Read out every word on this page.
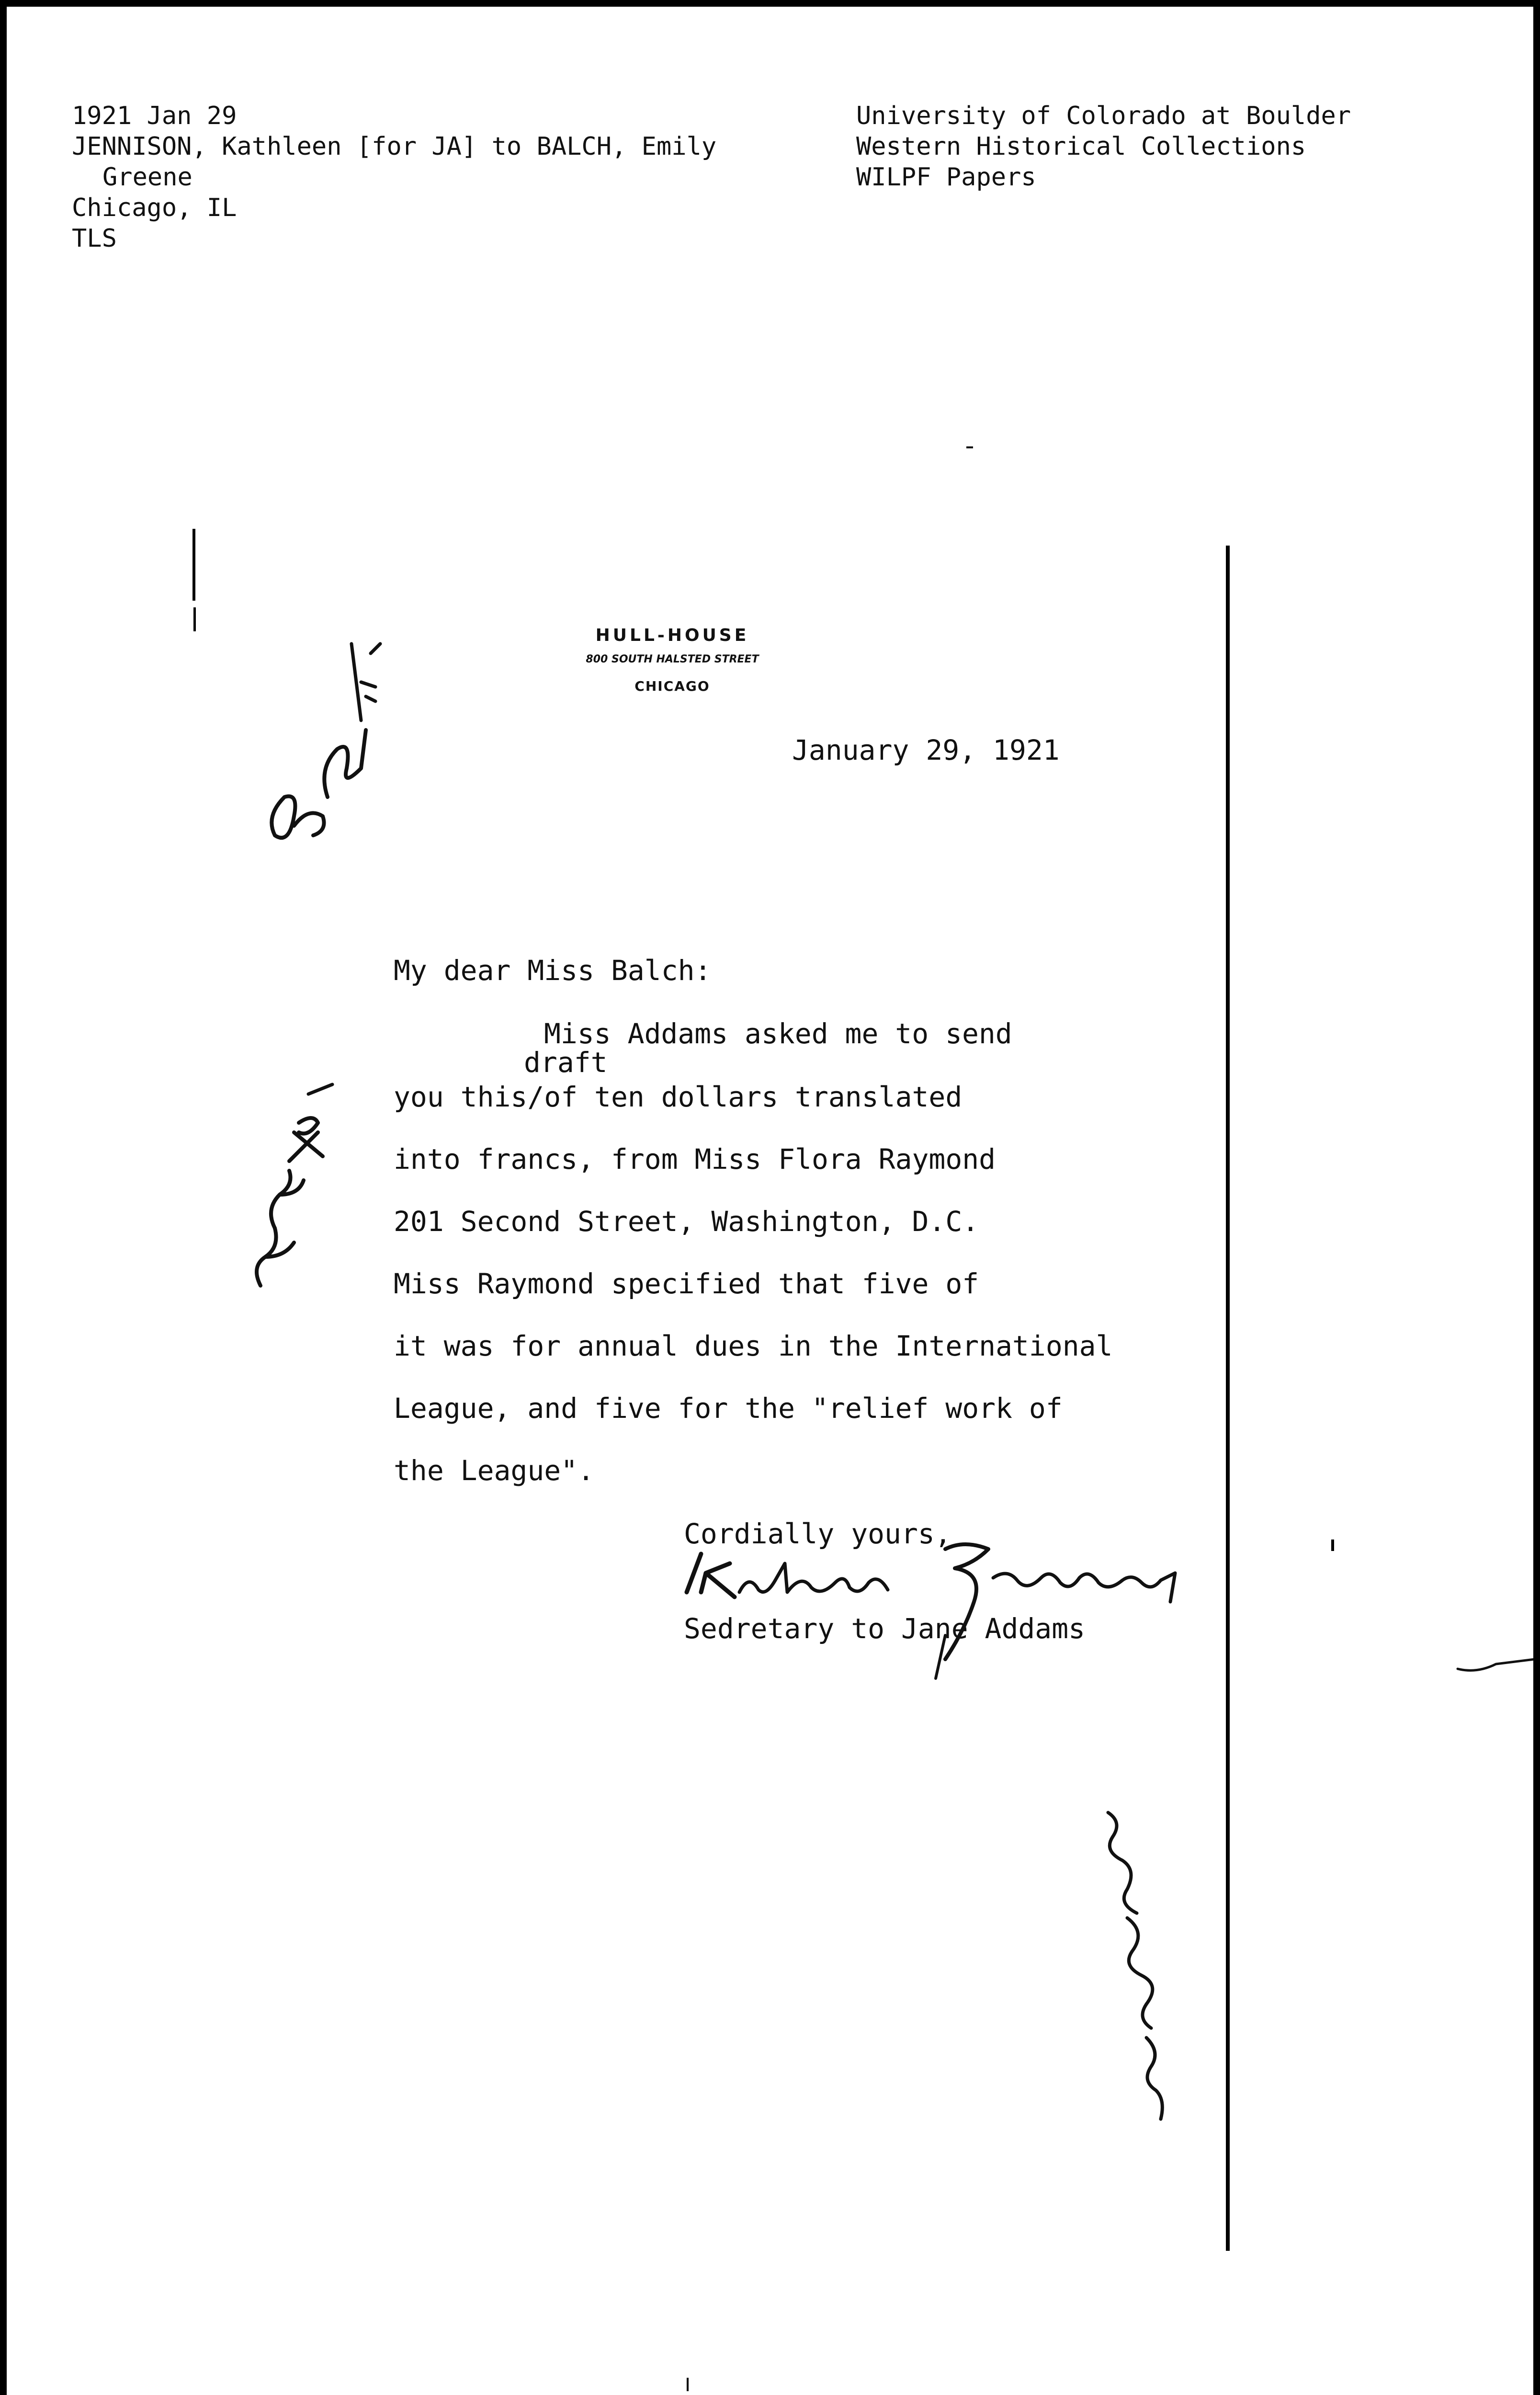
1921 Jan 29
JENNISON, Kathleen [for JA] to BALCH, Emily
Greene
Chicago, IL
TLS
University of Colorado at Boulder
Western Historical Collections
WILPF Papers
HULL-HOUSE
800 SOUTH HALSTED STREET
CHICAGO
January 29, 1921
My dear Miss Balch:
Miss Addams asked me to send
draft
you this/of ten dollars translated
into francs, from Miss Flora Raymond
201 Second Street, Washington, D.C.
Miss Raymond specified that five of
it was for annual dues in the International
League, and five for the "relief work of
the League".
Cordially yours,
Sedretary to Jane Addams
